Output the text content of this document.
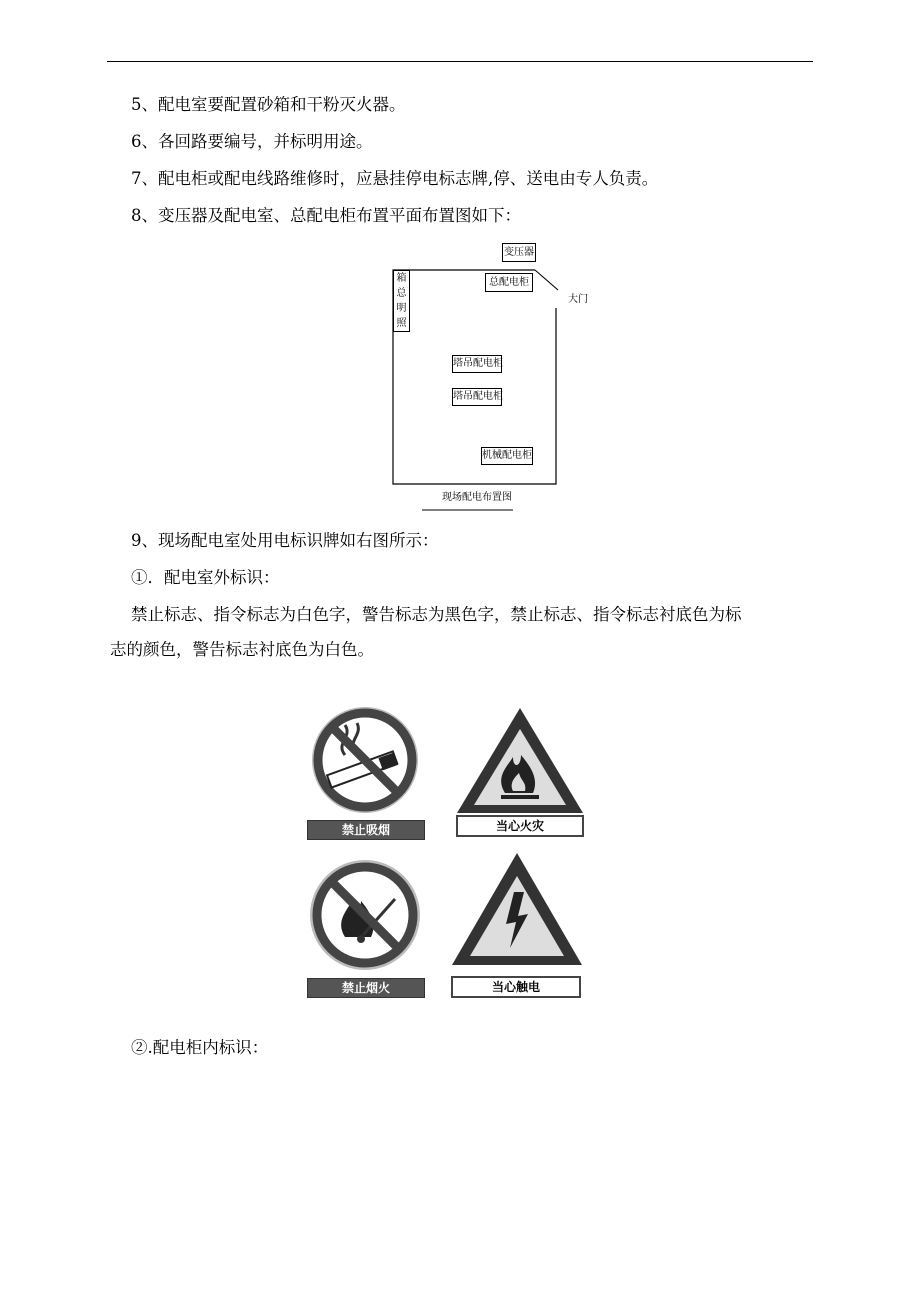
5、配电室要配置砂箱和干粉灭火器。
6、各回路要编号，并标明用途。
7、配电柜或配电线路维修时，应悬挂停电标志牌,停、送电由专人负责。
8、变压器及配电室、总配电柜布置平面布置图如下：
变压器
总配电柜
大门
箱
总
明
照
塔吊配电柜
塔吊配电柜
机械配电柜
现场配电布置图
9、现场配电室处用电标识牌如右图所示：
①．配电室外标识：
禁止标志、指令标志为白色字，警告标志为黑色字，禁止标志、指令标志衬底色为标
志的颜色，警告标志衬底色为白色。
禁止吸烟	当心火灾
禁止烟火	当心触电
②.配电柜内标识：
